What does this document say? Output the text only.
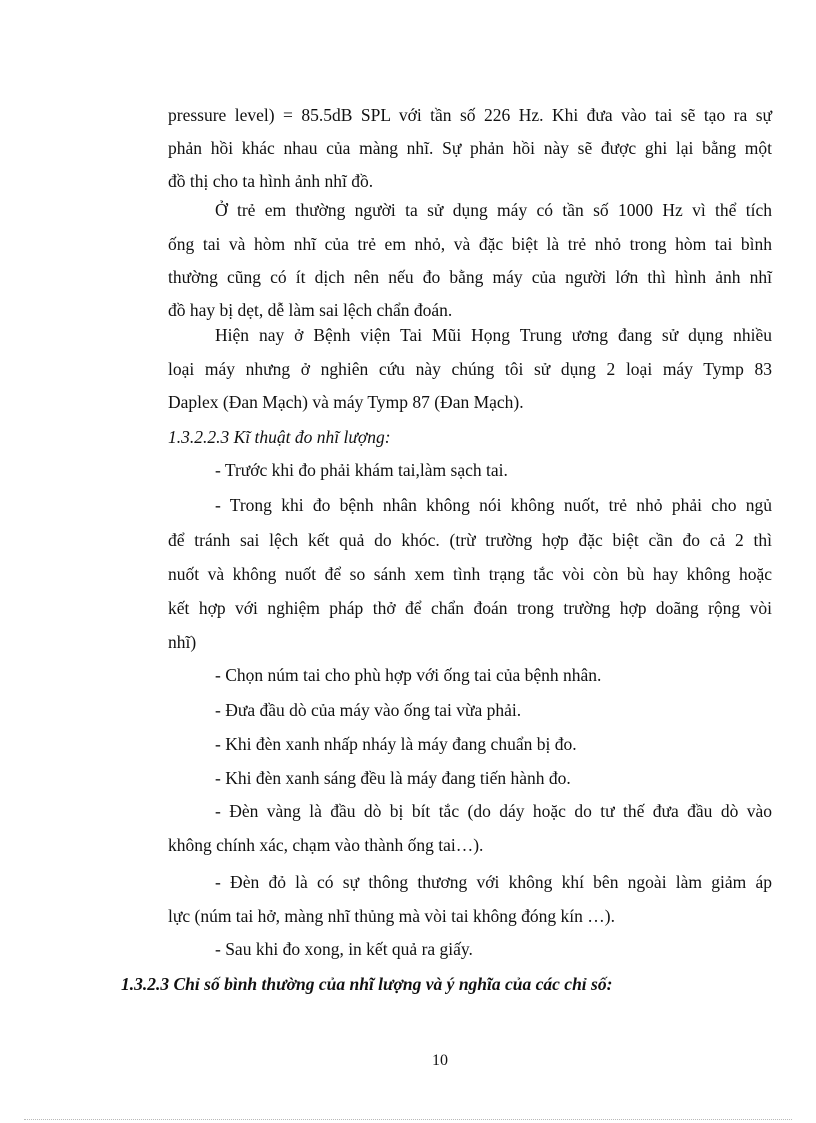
pressure level) = 85.5dB SPL với tần số 226 Hz. Khi đưa vào tai sẽ tạo ra sự
phản hồi khác nhau của màng nhĩ. Sự phản hồi này sẽ được ghi lại bằng một
đồ thị cho ta hình ảnh nhĩ đồ.
Ở trẻ em thường người ta sử dụng máy có tần số 1000 Hz vì thể tích
ống tai và hòm nhĩ của trẻ em nhỏ, và đặc biệt là trẻ nhỏ trong hòm tai bình
thường cũng có ít dịch nên nếu đo bằng máy của người lớn thì hình ảnh nhĩ
đồ hay bị dẹt, dễ làm sai lệch chẩn đoán.
Hiện nay ở Bệnh viện Tai Mũi Họng Trung ương đang sử dụng nhiều
loại máy nhưng ở nghiên cứu này chúng tôi sử dụng 2 loại máy Tymp 83
Daplex (Đan Mạch) và máy Tymp 87 (Đan Mạch).
1.3.2.2.3 Kĩ thuật đo nhĩ lượng:
- Trước khi đo phải khám tai,làm sạch tai.
- Trong khi đo bệnh nhân không nói không nuốt, trẻ nhỏ phải cho ngủ
để tránh sai lệch kết quả do khóc. (trừ trường hợp đặc biệt cần đo cả 2 thì
nuốt và không nuốt để so sánh xem tình trạng tắc vòi còn bù hay không hoặc
kết hợp với nghiệm pháp thở để chẩn đoán trong trường hợp doãng rộng vòi
nhĩ)
- Chọn núm tai cho phù hợp với ống tai của bệnh nhân.
- Đưa đầu dò của máy vào ống tai vừa phải.
- Khi đèn xanh nhấp nháy là máy đang chuẩn bị đo.
- Khi đèn xanh sáng đều là máy đang tiến hành đo.
- Đèn vàng là đầu dò bị bít tắc (do dáy hoặc do tư thế đưa đầu dò vào
không chính xác, chạm vào thành ống tai…).
- Đèn đỏ là có sự thông thương với không khí bên ngoài làm giảm áp
lực (núm tai hở, màng nhĩ thủng mà vòi tai không đóng kín …).
- Sau khi đo xong, in kết quả ra giấy.
1.3.2.3 Chỉ số bình thường của nhĩ lượng và ý nghĩa của các chỉ số:
10
